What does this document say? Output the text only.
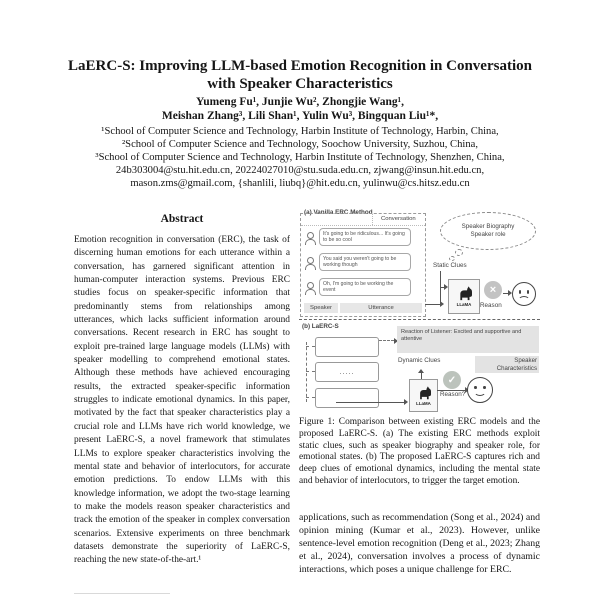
LaERC-S: Improving LLM-based Emotion Recognition in Conversation
with Speaker Characteristics
Yumeng Fu¹, Junjie Wu², Zhongjie Wang¹,
Meishan Zhang³, Lili Shan¹, Yulin Wu³, Bingquan Liu¹*,
¹School of Computer Science and Technology, Harbin Institute of Technology, Harbin, China,
²School of Computer Science and Technology, Soochow University, Suzhou, China,
³School of Computer Science and Technology, Harbin Institute of Technology, Shenzhen, China,
24b303004@stu.hit.edu.cn, 20224027010@stu.suda.edu.cn, zjwang@insun.hit.edu.cn,
mason.zms@gmail.com, {shanlili, liubq}@hit.edu.cn, yulinwu@cs.hitsz.edu.cn
Abstract
Emotion recognition in conversation (ERC), the task of discerning human emotions for each utterance within a conversation, has garnered significant attention in human-computer interaction systems. Previous ERC studies focus on speaker-specific information that predominantly stems from relationships among utterances, which lacks sufficient information around conversations. Recent research in ERC has sought to exploit pre-trained large language models (LLMs) with speaker modelling to comprehend emotional states. Although these methods have achieved encouraging results, the extracted speaker-specific information struggles to indicate emotional dynamics. In this paper, motivated by the fact that speaker characteristics play a crucial role and LLMs have rich world knowledge, we present LaERC-S, a novel framework that stimulates LLMs to explore speaker characteristics involving the mental state and behavior of interlocutors, for accurate emotion predictions. To endow LLMs with this knowledge information, we adopt the two-stage learning to make the models reason speaker characteristics and track the emotion of the speaker in complex conversation scenarios. Extensive experiments on three benchmark datasets demonstrate the superiority of LaERC-S, reaching the new state-of-the-art.¹
(a) Vanilla ERC Method
Conversation
It's going to be ridiculous... It's going to be so cool
You said you weren't going to be working though
Oh, I'm going to be working the event
Speaker	Utterance
Speaker Biography
Speaker role
Static Clues
LLaMA
×
Reason
(b) LaERC-S
.....
Reaction of Listener: Excited and supportive and attentive
Dynamic Clues	Speaker Characteristics
LLaMA
✓
Reason?
Figure 1: Comparison between existing ERC models and the proposed LaERC-S. (a) The existing ERC methods exploit static clues, such as speaker biography and speaker role, for emotional states. (b) The proposed LaERC-S captures rich and deep clues of emotional dynamics, including the mental state and behavior of interlocutors, to trigger the target emotion.
applications, such as recommendation (Song et al., 2024) and opinion mining (Kumar et al., 2023). However, unlike sentence-level emotion recognition (Deng et al., 2023; Zhang et al., 2024), conversation involves a process of dynamic interactions, which poses a unique challenge for ERC.
